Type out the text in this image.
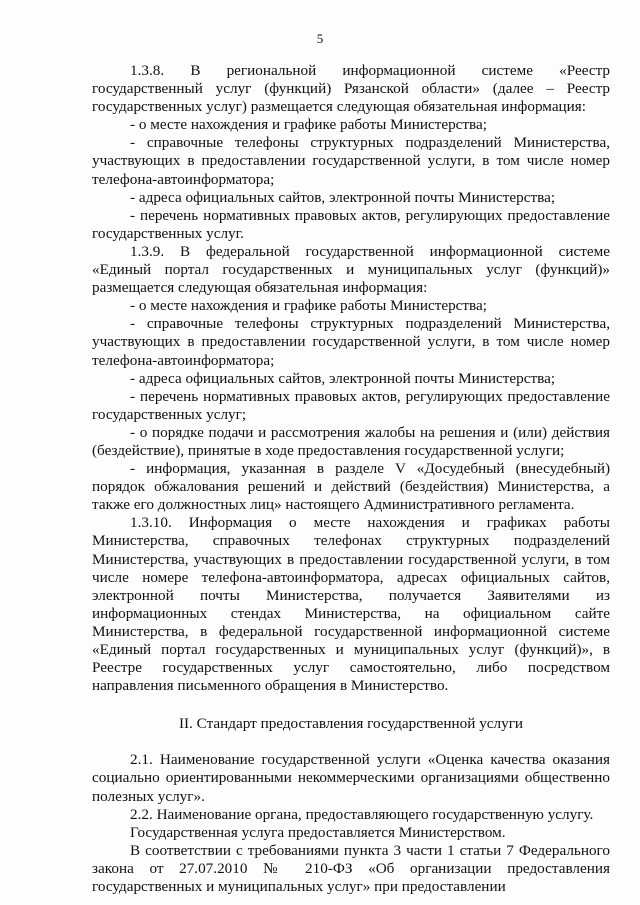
5

1.3.8. В региональной информационной системе «Реестр государственный услуг (функций) Рязанской области» (далее – Реестр государственных услуг) размещается следующая обязательная информация:

- о месте нахождения и графике работы Министерства;

- справочные телефоны структурных подразделений Министерства, участвующих в предоставлении государственной услуги, в том числе номер телефона-автоинформатора;

- адреса официальных сайтов, электронной почты Министерства;

- перечень нормативных правовых актов, регулирующих предоставление государственных услуг.

1.3.9. В федеральной государственной информационной системе «Единый портал государственных и муниципальных услуг (функций)» размещается следующая обязательная информация:

- о месте нахождения и графике работы Министерства;

- справочные телефоны структурных подразделений Министерства, участвующих в предоставлении государственной услуги, в том числе номер телефона-автоинформатора;

- адреса официальных сайтов, электронной почты Министерства;

- перечень нормативных правовых актов, регулирующих предоставление государственных услуг;

- о порядке подачи и рассмотрения жалобы на решения и (или) действия (бездействие), принятые в ходе предоставления государственной услуги;

- информация, указанная в разделе V «Досудебный (внесудебный) порядок обжалования решений и действий (бездействия) Министерства, а также его должностных лиц» настоящего Административного регламента.

1.3.10. Информация о месте нахождения и графиках работы Министерства, справочных телефонах структурных подразделений Министерства, участвующих в предоставлении государственной услуги, в том числе номере телефона-автоинформатора, адресах официальных сайтов, электронной почты Министерства, получается Заявителями из информационных стендах Министерства, на официальном сайте Министерства, в федеральной государственной информационной системе «Единый портал государственных и муниципальных услуг (функций)», в Реестре государственных услуг самостоятельно, либо посредством направления письменного обращения в Министерство.

II. Стандарт предоставления государственной услуги

2.1. Наименование государственной услуги «Оценка качества оказания социально ориентированными некоммерческими организациями общественно полезных услуг».

2.2. Наименование органа, предоставляющего государственную услугу.

Государственная услуга предоставляется Министерством.

В соответствии с требованиями пункта 3 части 1 статьи 7 Федерального закона от 27.07.2010 № 210-ФЗ «Об организации предоставления государственных и муниципальных услуг» при предоставлении
